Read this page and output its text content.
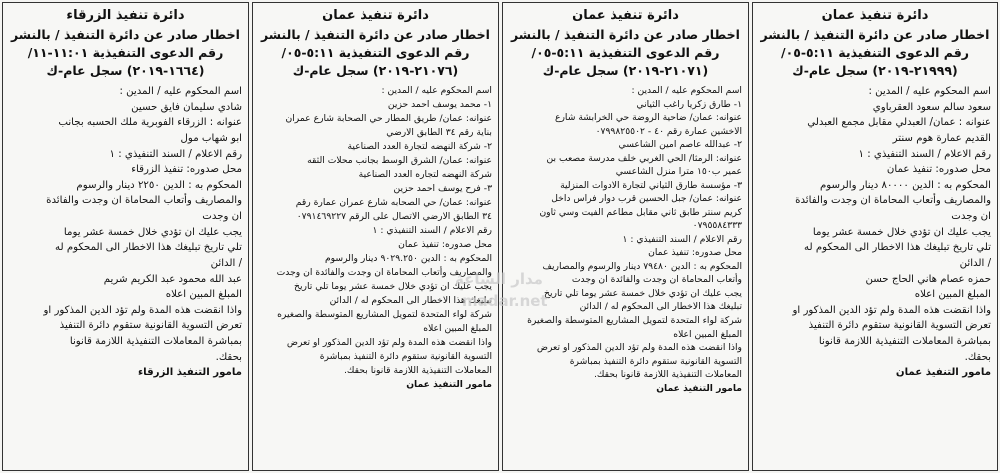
دائرة تنفيذ عمان
اخطار صادر عن دائرة التنفيذ / بالنشر
رقم الدعوى التنفيذية ٥:١١-٠٥/
(٢١٩٩٩-٢٠١٩) سجل عام-ك
اسم المحكوم عليه / المدين :
سعود سالم سعود العقرباوي
عنوانه : عمان/ العبدلي مقابل مجمع العبدلي
القديم عمارة هوم سنتر
رقم الاعلام / السند التنفيذي : ١
محل صدوره: تنفيذ عمان
المحكوم به : الدين ٨٠٠٠٠ دينار والرسوم
والمصاريف وأتعاب المحاماة ان وجدت والفائدة
ان وجدت
يجب عليك ان تؤدي خلال خمسة عشر يوما
تلي تاريخ تبليغك هذا الاخطار الى المحكوم له
/ الدائن
حمزه عصام هاني الحاج حسن
المبلغ المبين اعلاه
واذا انقضت هذه المدة ولم تؤد الدين المذكور او
تعرض التسوية القانونية ستقوم دائرة التنفيذ
بمباشرة المعاملات التنفيذية اللازمة قانونا
بحقك.
مامور التنفيذ عمان
دائرة تنفيذ عمان
اخطار صادر عن دائرة التنفيذ / بالنشر
رقم الدعوى التنفيذية ٥:١١-٠٥/
(٢١٠٧١-٢٠١٩) سجل عام-ك
اسم المحكوم عليه / المدين :
١- طارق زكريا راغب الثياني
عنوانه: عمان/ ضاحية الروضة حي الخرابشة شارع
الاخشين عمارة رقم ٤٠ - ٠٧٩٩٨٢٥٥٠٢
٢- عبدالله عاصم امين الشاعسي
عنوانه: الرمثا/ الحي الغربي خلف مدرسة مصعب بن
عمير ب١٥٠ مترا منزل الشاعسي
٣- مؤسسة طارق الثياني لتجارة الادوات المنزلية
عنوانه: عمان/ جبل الحسين قرب دوار فراس داخل
كريم سنتر طابق ثاني مقابل مطاعم الفيت وسي ثاون
٠٧٩٥٥٨٤٣٣٣
رقم الاعلام / السند التنفيذي : ١
محل صدوره: تنفيذ عمان
المحكوم به : الدين ٧٩٤٨٠ دينار والرسوم والمصاريف
وأتعاب المحاماة ان وجدت والفائدة ان وجدت
يجب عليك ان تؤدي خلال خمسة عشر يوما تلي تاريخ
تبليغك هذا الاخطار الى المحكوم له / الدائن
شركة لواء المتحدة لتمويل المشاريع المتوسطة والصغيرة
المبلغ المبين اعلاه
واذا انقضت هذه المدة ولم تؤد الدين المذكور او تعرض
التسوية القانونية ستقوم دائرة التنفيذ بمباشرة
المعاملات التنفيذية اللازمة قانونا بحقك.
مامور التنفيذ عمان
دائرة تنفيذ عمان
اخطار صادر عن دائرة التنفيذ / بالنشر
رقم الدعوى التنفيذية ٥:١١-٠٥/
(٢١٠٧٦-٢٠١٩) سجل عام-ك
اسم المحكوم عليه / المدين :
١- محمد يوسف احمد حزين
عنوانه: عمان/ طريق المطار حي الصحابة شارع عمران
بناية رقم ٣٤ الطابق الارضي
٢- شركة النهضه لتجارة العدد الصناعية
عنوانه: عمان/ الشرق الوسط بجانب محلات الثقه
شركة النهضه لتجاره العدد الصناعية
٣- فرح يوسف احمد حزين
عنوانه: عمان/ حي الصحابه شارع عمران عمارة رقم
٣٤ الطابق الارضي الاتصال على الرقم ٠٧٩١٤٦٩٢٢٧
رقم الاعلام / السند التنفيذي : ١
محل صدوره: تنفيذ عمان
المحكوم به : الدين ٩٠٢٩.٢٥٠ دينار والرسوم
والمصاريف وأتعاب المحاماة ان وجدت والفائدة ان وجدت
يجب عليك ان تؤدي خلال خمسة عشر يوما تلي تاريخ
تبليغك هذا الاخطار الى المحكوم له / الدائن
شركة لواء المتحدة لتمويل المشاريع المتوسطة والصغيره
المبلغ المبين اعلاه
واذا انقضت هذه المدة ولم تؤد الدين المذكور او تعرض
التسوية القانونية ستقوم دائرة التنفيذ بمباشرة
المعاملات التنفيذية اللازمة قانونا بحقك.
مامور التنفيذ عمان
دائرة تنفيذ الزرقاء
اخطار صادر عن دائرة التنفيذ / بالنشر
رقم الدعوى التنفيذية ١١:٠١-١١/
(١٦٦٤-٢٠١٩) سجل عام-ك
اسم المحكوم عليه / المدين :
شادي سليمان فايق حسين
عنوانه : الزرقاء الفوبرية ملك الحسبه بجانب
ابو شهاب مول
رقم الاعلام / السند التنفيذي : ١
محل صدوره: تنفيذ الزرقاء
المحكوم به : الدين ٢٢٥٠ دينار والرسوم
والمصاريف وأتعاب المحاماة ان وجدت والفائدة
ان وجدت
يجب عليك ان تؤدي خلال خمسة عشر يوما
تلي تاريخ تبليغك هذا الاخطار الى المحكوم له
/ الدائن
عبد الله محمود عبد الكريم شريم
المبلغ المبين اعلاه
واذا انقضت هذه المدة ولم تؤد الدين المذكور او
تعرض التسوية القانونية ستقوم دائرة التنفيذ
بمباشرة المعاملات التنفيذية اللازمة قانونا
بحقك.
مامور التنفيذ الزرقاء
مدار الساعة
madar.net
